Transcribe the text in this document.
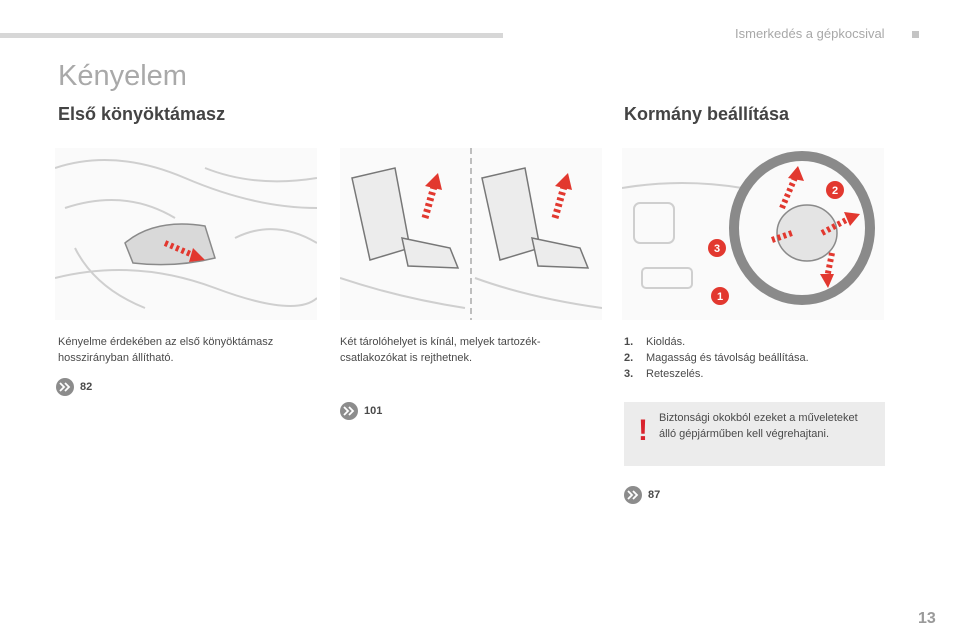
Ismerkedés a gépkocsival
Kényelem
Első könyöktámasz	Kormány beállítása
2
3
1
Kényelme érdekében az első könyöktámasz hosszirányban állítható.
Két tárolóhelyet is kínál, melyek tartozék-csatlakozókat is rejthetnek.
82
101
1. Kioldás.
2. Magasság és távolság beállítása.
3. Reteszelés.
! Biztonsági okokból ezeket a műveleteket álló gépjárműben kell végrehajtani.
87
13
